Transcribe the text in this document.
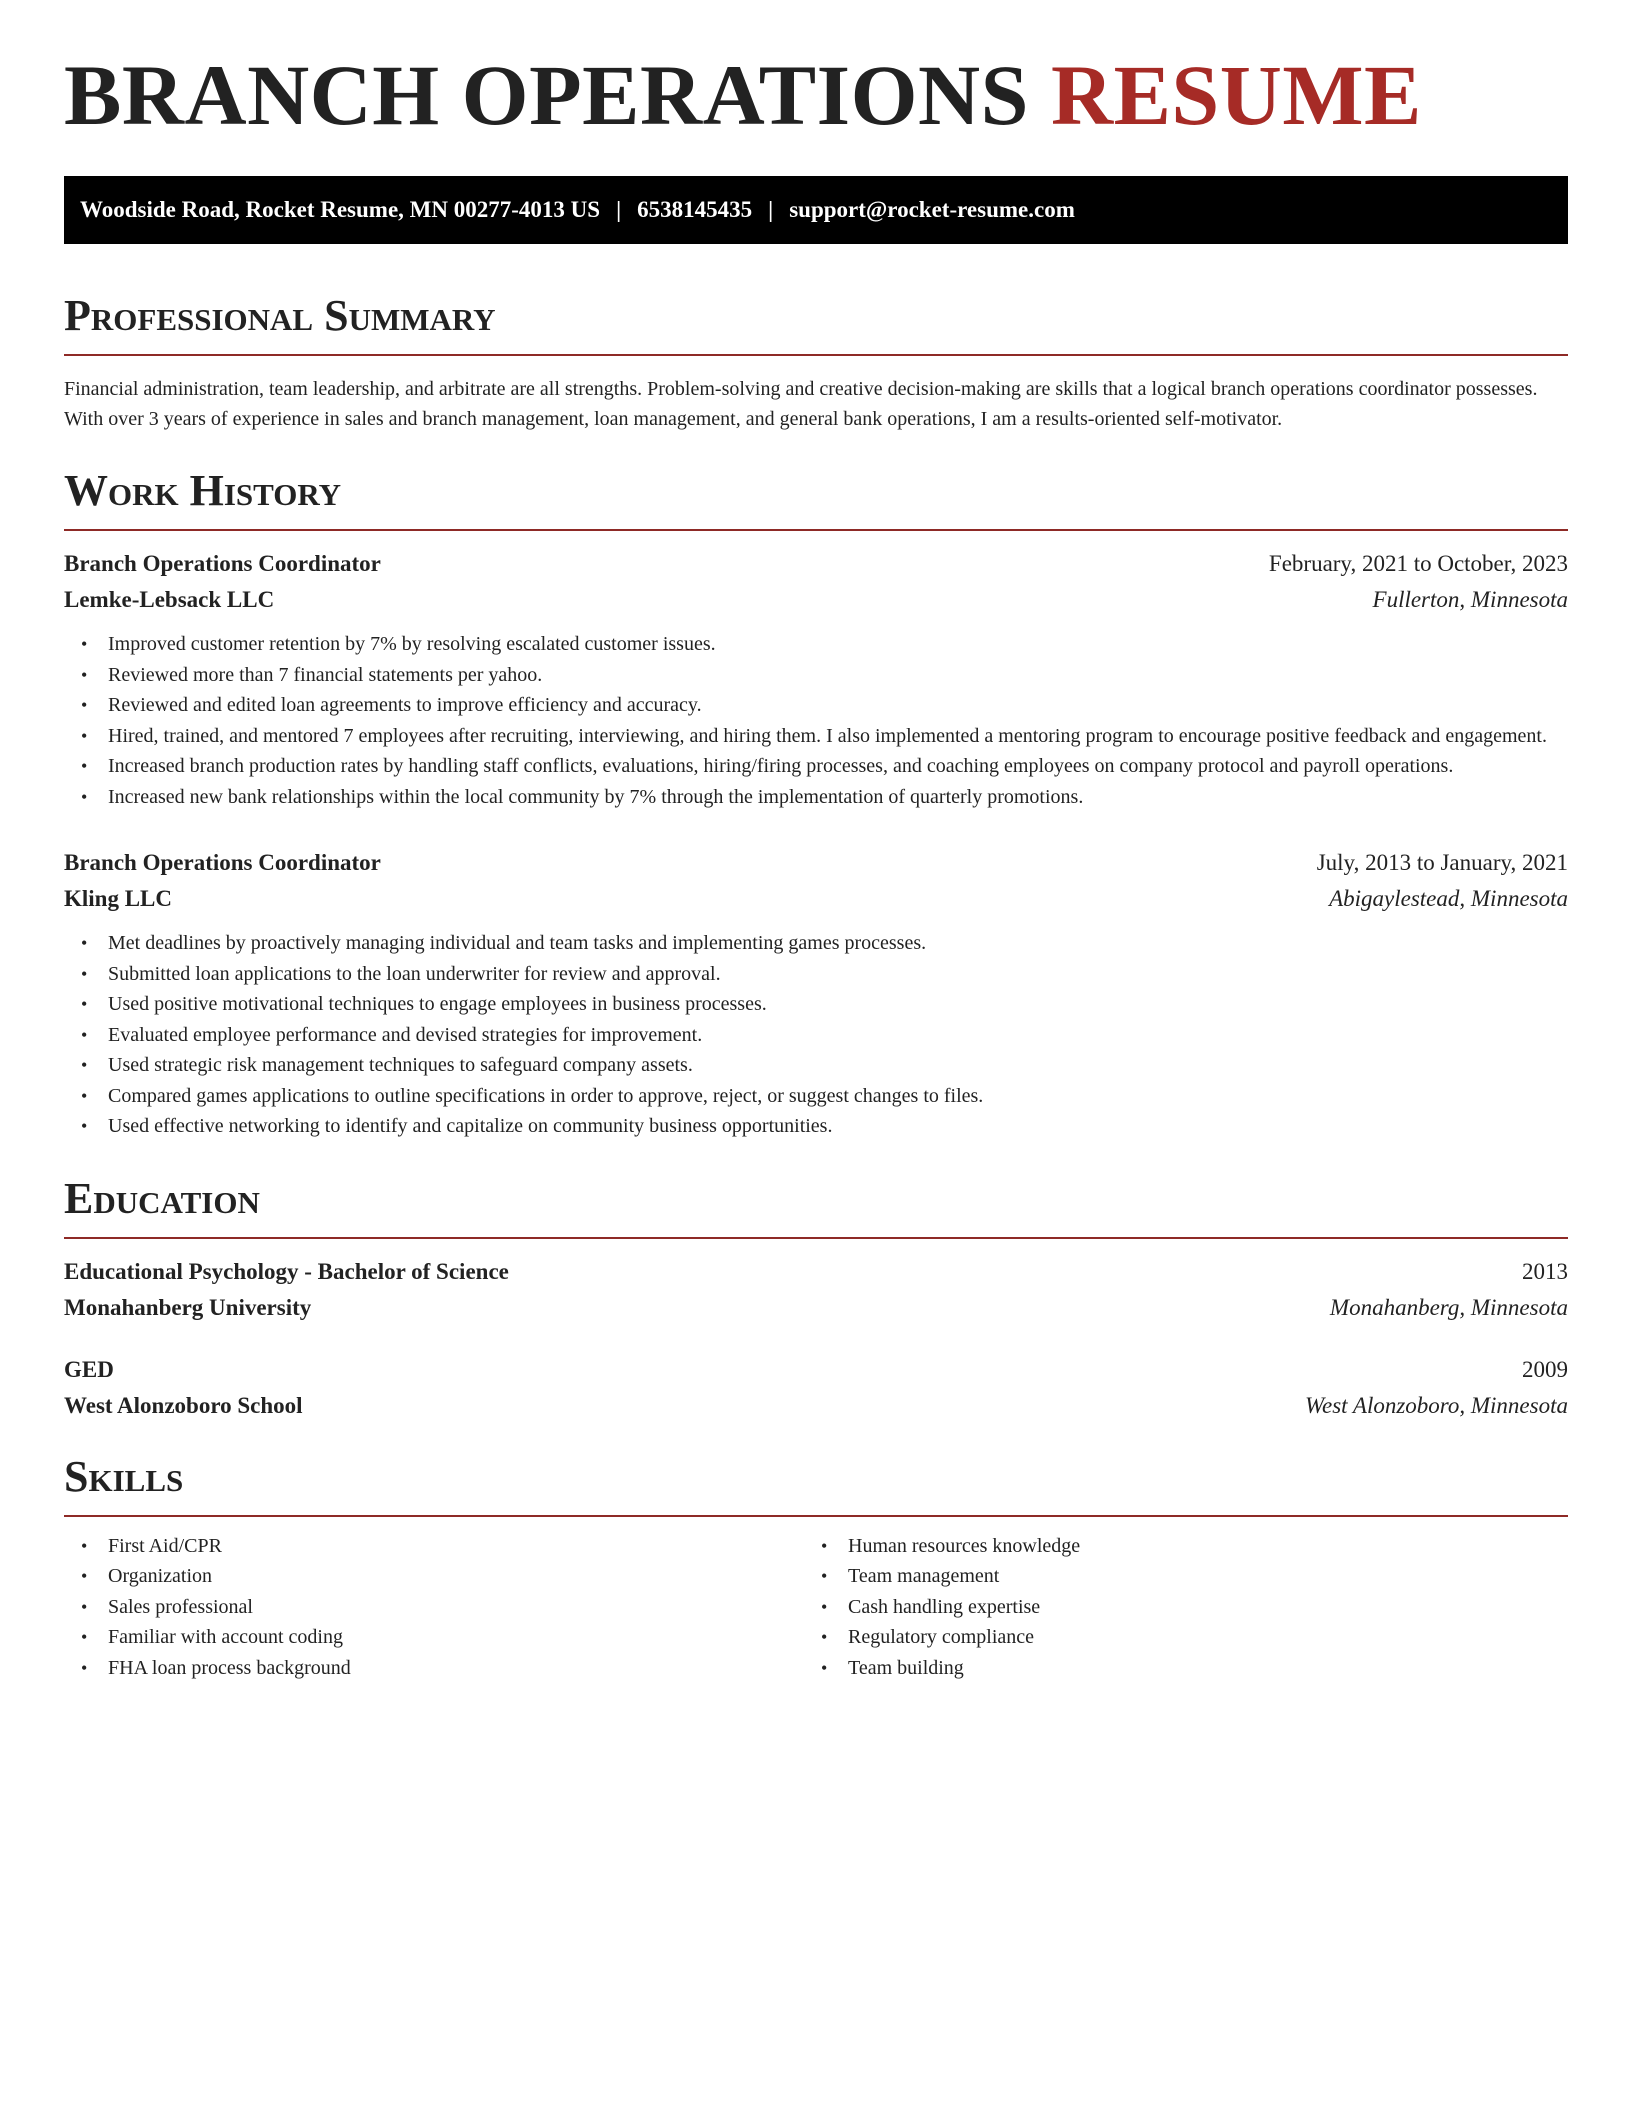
BRANCH OPERATIONS RESUME
Woodside Road, Rocket Resume, MN 00277-4013 US | 6538145435 | support@rocket-resume.com
Professional Summary

Financial administration, team leadership, and arbitrate are all strengths. Problem-solving and creative decision-making are skills that a logical branch operations coordinator possesses. With over 3 years of experience in sales and branch management, loan management, and general bank operations, I am a results-oriented self-motivator.

Work History
Branch Operations Coordinator	February, 2021 to October, 2023
Lemke-Lebsack LLC	Fullerton, Minnesota
• Improved customer retention by 7% by resolving escalated customer issues.
• Reviewed more than 7 financial statements per yahoo.
• Reviewed and edited loan agreements to improve efficiency and accuracy.
• Hired, trained, and mentored 7 employees after recruiting, interviewing, and hiring them. I also implemented a mentoring program to encourage positive feedback and engagement.
• Increased branch production rates by handling staff conflicts, evaluations, hiring/firing processes, and coaching employees on company protocol and payroll operations.
• Increased new bank relationships within the local community by 7% through the implementation of quarterly promotions.
Branch Operations Coordinator	July, 2013 to January, 2021
Kling LLC	Abigaylestead, Minnesota
• Met deadlines by proactively managing individual and team tasks and implementing games processes.
• Submitted loan applications to the loan underwriter for review and approval.
• Used positive motivational techniques to engage employees in business processes.
• Evaluated employee performance and devised strategies for improvement.
• Used strategic risk management techniques to safeguard company assets.
• Compared games applications to outline specifications in order to approve, reject, or suggest changes to files.
• Used effective networking to identify and capitalize on community business opportunities.
Education
Educational Psychology - Bachelor of Science	2013
Monahanberg University	Monahanberg, Minnesota
GED	2009
West Alonzoboro School	West Alonzoboro, Minnesota
Skills
• First Aid/CPR
• Organization
• Sales professional
• Familiar with account coding
• FHA loan process background
• Human resources knowledge
• Team management
• Cash handling expertise
• Regulatory compliance
• Team building
